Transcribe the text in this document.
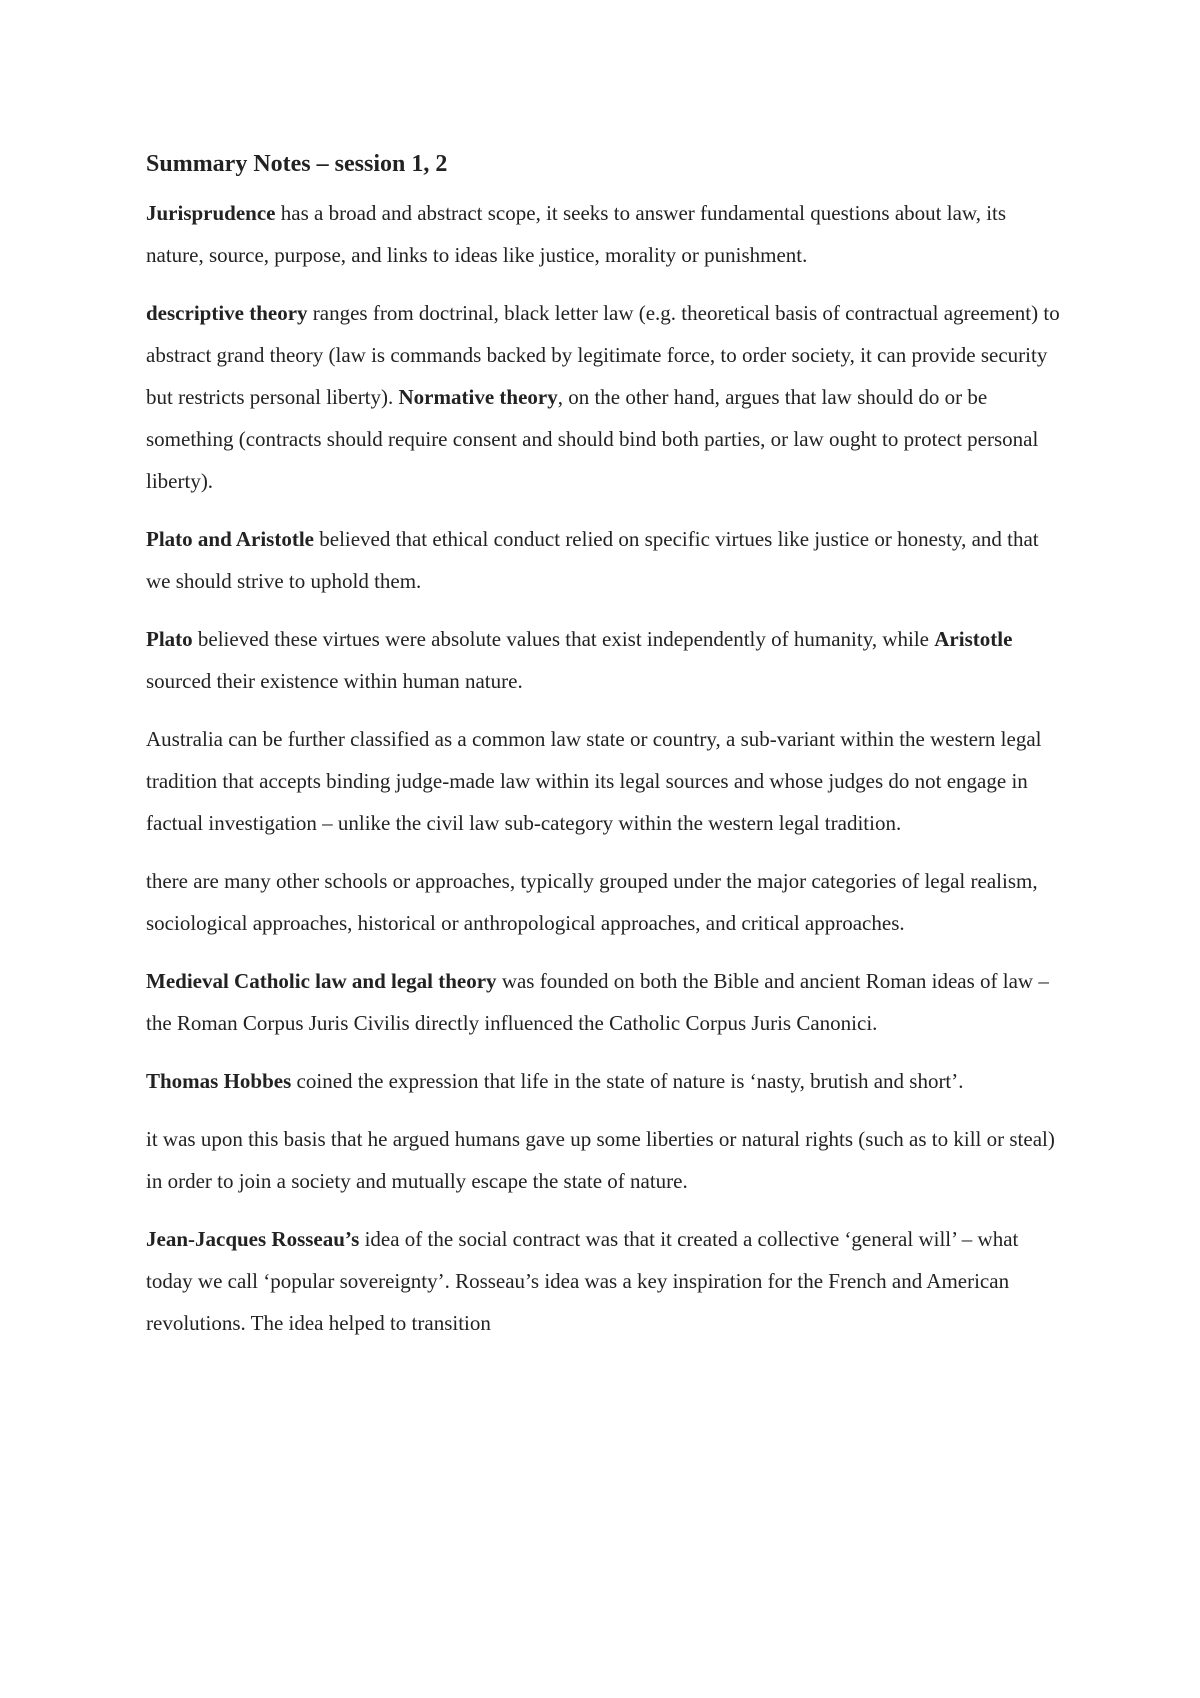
Summary Notes – session 1, 2

Jurisprudence has a broad and abstract scope, it seeks to answer fundamental questions about law, its nature, source, purpose, and links to ideas like justice, morality or punishment.

descriptive theory ranges from doctrinal, black letter law (e.g. theoretical basis of contractual agreement) to abstract grand theory (law is commands backed by legitimate force, to order society, it can provide security but restricts personal liberty). Normative theory, on the other hand, argues that law should do or be something (contracts should require consent and should bind both parties, or law ought to protect personal liberty).

Plato and Aristotle believed that ethical conduct relied on specific virtues like justice or honesty, and that we should strive to uphold them.

Plato believed these virtues were absolute values that exist independently of humanity, while Aristotle sourced their existence within human nature.

Australia can be further classified as a common law state or country, a sub-variant within the western legal tradition that accepts binding judge-made law within its legal sources and whose judges do not engage in factual investigation – unlike the civil law sub-category within the western legal tradition.

there are many other schools or approaches, typically grouped under the major categories of legal realism, sociological approaches, historical or anthropological approaches, and critical approaches.

Medieval Catholic law and legal theory was founded on both the Bible and ancient Roman ideas of law – the Roman Corpus Juris Civilis directly influenced the Catholic Corpus Juris Canonici.

Thomas Hobbes coined the expression that life in the state of nature is ‘nasty, brutish and short’.

it was upon this basis that he argued humans gave up some liberties or natural rights (such as to kill or steal) in order to join a society and mutually escape the state of nature.

Jean-Jacques Rosseau’s idea of the social contract was that it created a collective ‘general will’ – what today we call ‘popular sovereignty’. Rosseau’s idea was a key inspiration for the French and American revolutions. The idea helped to transition
